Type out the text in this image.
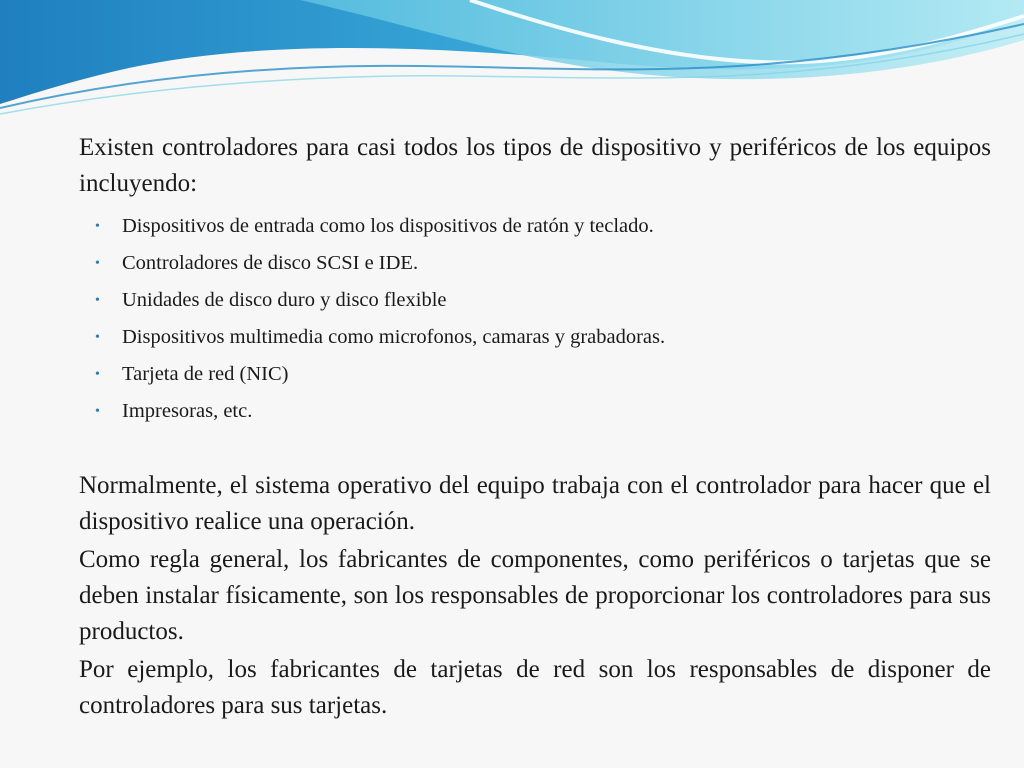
Existen controladores para casi todos los tipos de dispositivo y periféricos de los equipos incluyendo:

• Dispositivos de entrada como los dispositivos de ratón y teclado.
• Controladores de disco SCSI e IDE.
• Unidades de disco duro y disco flexible
• Dispositivos multimedia como microfonos, camaras y grabadoras.
• Tarjeta de red (NIC)
• Impresoras, etc.

Normalmente, el sistema operativo del equipo trabaja con el controlador para hacer que el dispositivo realice una operación.

Como regla general, los fabricantes de componentes, como periféricos o tarjetas que se deben instalar físicamente, son los responsables de proporcionar los controladores para sus productos.

Por ejemplo, los fabricantes de tarjetas de red son los responsables de disponer de controladores para sus tarjetas.
